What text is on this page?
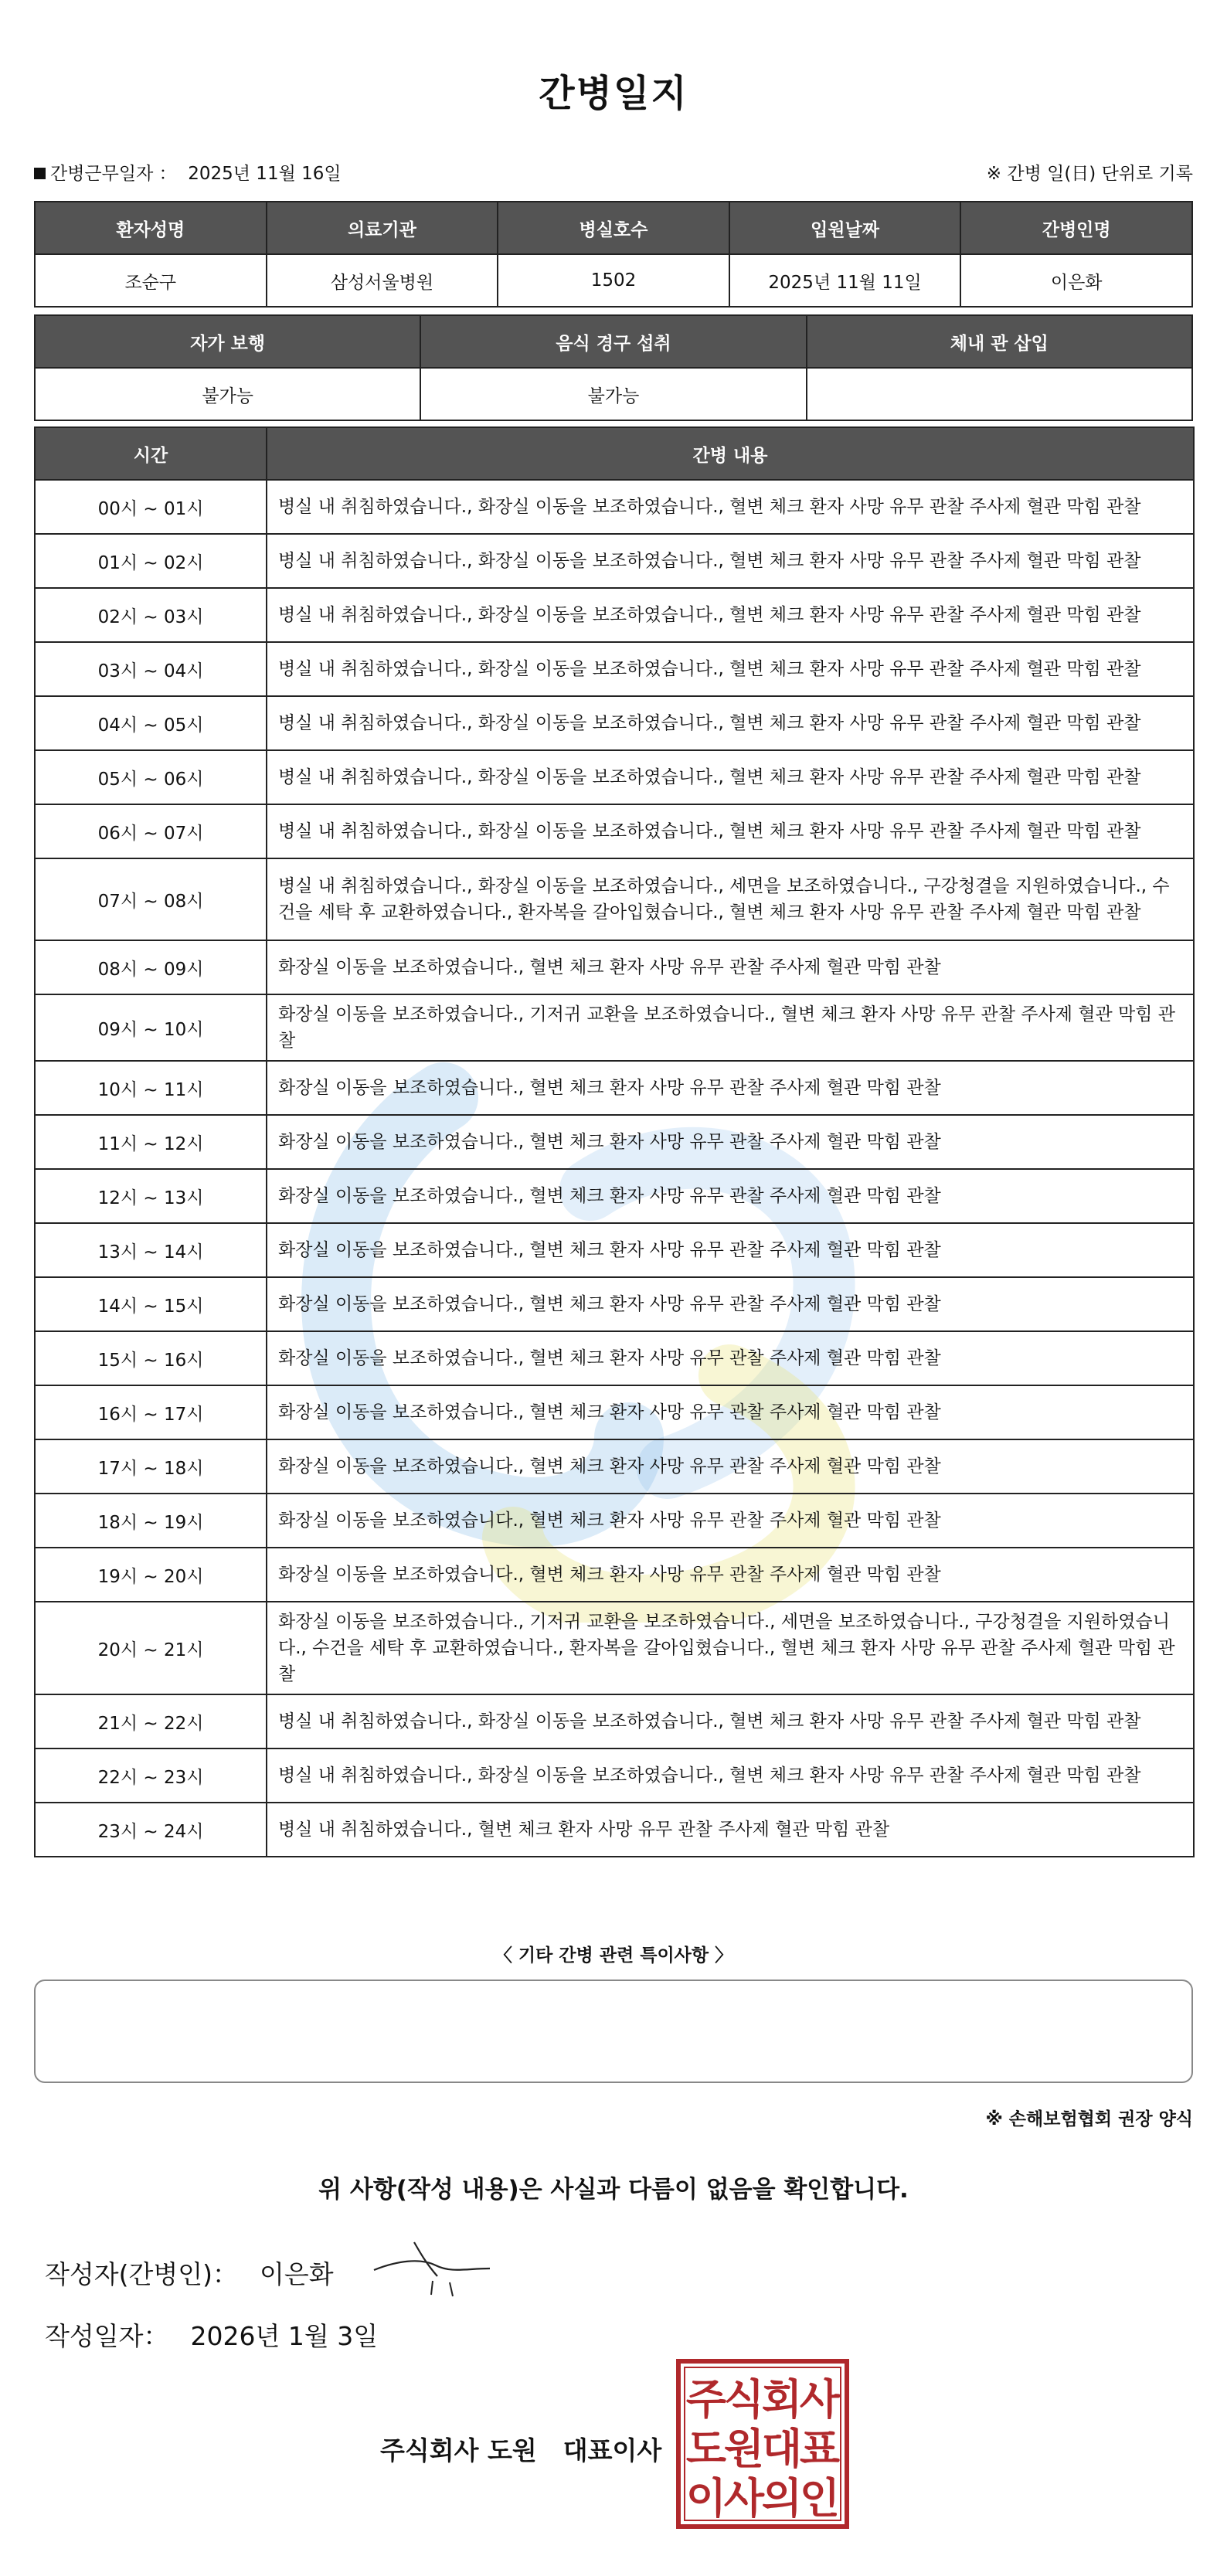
간병일지
간병근무일자 ： 2025년 11월 16일	※ 간병 일(日) 단위로 기록
환자성명	의료기관	병실호수	입원날짜	간병인명
조순구	삼성서울병원	1502	2025년 11월 11일	이은화
자가 보행	음식 경구 섭취	체내 관 삽입
불가능	불가능	
시간	간병 내용
00시 ~ 01시	병실 내 취침하였습니다., 화장실 이동을 보조하였습니다., 혈변 체크 환자 사망 유무 관찰 주사제 혈관 막힘 관찰
01시 ~ 02시	병실 내 취침하였습니다., 화장실 이동을 보조하였습니다., 혈변 체크 환자 사망 유무 관찰 주사제 혈관 막힘 관찰
02시 ~ 03시	병실 내 취침하였습니다., 화장실 이동을 보조하였습니다., 혈변 체크 환자 사망 유무 관찰 주사제 혈관 막힘 관찰
03시 ~ 04시	병실 내 취침하였습니다., 화장실 이동을 보조하였습니다., 혈변 체크 환자 사망 유무 관찰 주사제 혈관 막힘 관찰
04시 ~ 05시	병실 내 취침하였습니다., 화장실 이동을 보조하였습니다., 혈변 체크 환자 사망 유무 관찰 주사제 혈관 막힘 관찰
05시 ~ 06시	병실 내 취침하였습니다., 화장실 이동을 보조하였습니다., 혈변 체크 환자 사망 유무 관찰 주사제 혈관 막힘 관찰
06시 ~ 07시	병실 내 취침하였습니다., 화장실 이동을 보조하였습니다., 혈변 체크 환자 사망 유무 관찰 주사제 혈관 막힘 관찰
07시 ~ 08시	병실 내 취침하였습니다., 화장실 이동을 보조하였습니다., 세면을 보조하였습니다., 구강청결을 지원하였습니다., 수건을 세탁 후 교환하였습니다., 환자복을 갈아입혔습니다., 혈변 체크 환자 사망 유무 관찰 주사제 혈관 막힘 관찰
08시 ~ 09시	화장실 이동을 보조하였습니다., 혈변 체크 환자 사망 유무 관찰 주사제 혈관 막힘 관찰
09시 ~ 10시	화장실 이동을 보조하였습니다., 기저귀 교환을 보조하였습니다., 혈변 체크 환자 사망 유무 관찰 주사제 혈관 막힘 관찰
10시 ~ 11시	화장실 이동을 보조하였습니다., 혈변 체크 환자 사망 유무 관찰 주사제 혈관 막힘 관찰
11시 ~ 12시	화장실 이동을 보조하였습니다., 혈변 체크 환자 사망 유무 관찰 주사제 혈관 막힘 관찰
12시 ~ 13시	화장실 이동을 보조하였습니다., 혈변 체크 환자 사망 유무 관찰 주사제 혈관 막힘 관찰
13시 ~ 14시	화장실 이동을 보조하였습니다., 혈변 체크 환자 사망 유무 관찰 주사제 혈관 막힘 관찰
14시 ~ 15시	화장실 이동을 보조하였습니다., 혈변 체크 환자 사망 유무 관찰 주사제 혈관 막힘 관찰
15시 ~ 16시	화장실 이동을 보조하였습니다., 혈변 체크 환자 사망 유무 관찰 주사제 혈관 막힘 관찰
16시 ~ 17시	화장실 이동을 보조하였습니다., 혈변 체크 환자 사망 유무 관찰 주사제 혈관 막힘 관찰
17시 ~ 18시	화장실 이동을 보조하였습니다., 혈변 체크 환자 사망 유무 관찰 주사제 혈관 막힘 관찰
18시 ~ 19시	화장실 이동을 보조하였습니다., 혈변 체크 환자 사망 유무 관찰 주사제 혈관 막힘 관찰
19시 ~ 20시	화장실 이동을 보조하였습니다., 혈변 체크 환자 사망 유무 관찰 주사제 혈관 막힘 관찰
20시 ~ 21시	화장실 이동을 보조하였습니다., 기저귀 교환을 보조하였습니다., 세면을 보조하였습니다., 구강청결을 지원하였습니다., 수건을 세탁 후 교환하였습니다., 환자복을 갈아입혔습니다., 혈변 체크 환자 사망 유무 관찰 주사제 혈관 막힘 관찰
21시 ~ 22시	병실 내 취침하였습니다., 화장실 이동을 보조하였습니다., 혈변 체크 환자 사망 유무 관찰 주사제 혈관 막힘 관찰
22시 ~ 23시	병실 내 취침하였습니다., 화장실 이동을 보조하였습니다., 혈변 체크 환자 사망 유무 관찰 주사제 혈관 막힘 관찰
23시 ~ 24시	병실 내 취침하였습니다., 혈변 체크 환자 사망 유무 관찰 주사제 혈관 막힘 관찰
〈 기타 간병 관련 특이사항 〉
※ 손해보험협회 권장 양식
위 사항(작성 내용)은 사실과 다름이 없음을 확인합니다.
작성자(간병인)： 이은화
작성일자： 2026년 1월 3일
주식회사 도원 대표이사
주
식
회
사
도
원
대
표
이
사
의
인
